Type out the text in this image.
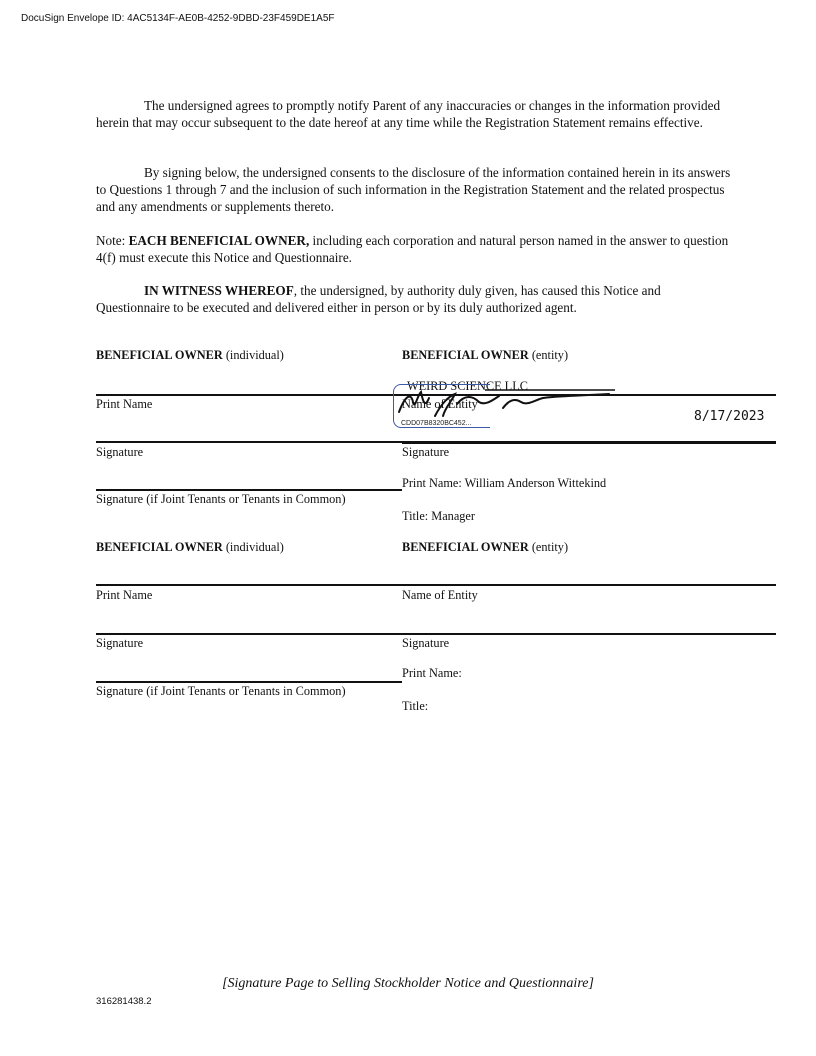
DocuSign Envelope ID: 4AC5134F-AE0B-4252-9DBD-23F459DE1A5F

The undersigned agrees to promptly notify Parent of any inaccuracies or changes in the information provided herein that may occur subsequent to the date hereof at any time while the Registration Statement remains effective.

By signing below, the undersigned consents to the disclosure of the information contained herein in its answers to Questions 1 through 7 and the inclusion of such information in the Registration Statement and the related prospectus and any amendments or supplements thereto.

Note: EACH BENEFICIAL OWNER, including each corporation and natural person named in the answer to question 4(f) must execute this Notice and Questionnaire.

IN WITNESS WHEREOF, the undersigned, by authority duly given, has caused this Notice and Questionnaire to be executed and delivered either in person or by its duly authorized agent.

BENEFICIAL OWNER (individual)
Print Name
Signature
Signature (if Joint Tenants or Tenants in Common)
BENEFICIAL OWNER (entity)
WEIRD SCIENCE LLC
Name of Entity
CDD07B8320BC452...	8/17/2023
Signature
Print Name: William Anderson Wittekind
Title: Manager
BENEFICIAL OWNER (individual)
Print Name
Signature
Signature (if Joint Tenants or Tenants in Common)
BENEFICIAL OWNER (entity)
Name of Entity
Signature
Print Name:
Title:
[Signature Page to Selling Stockholder Notice and Questionnaire]
316281438.2
